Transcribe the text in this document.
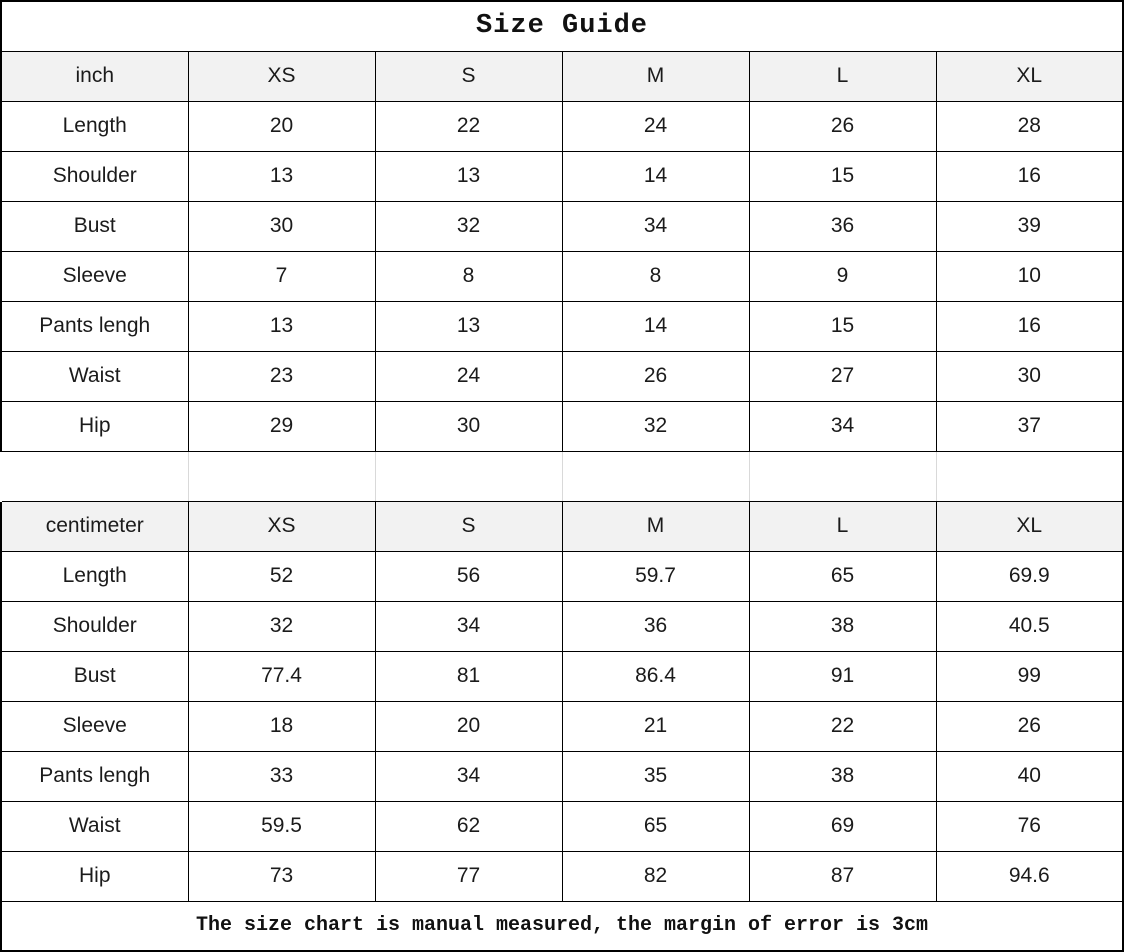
Size Guide					
inch	XS	S	M	L	XL
Length	20	22	24	26	28
Shoulder	13	13	14	15	16
Bust	30	32	34	36	39
Sleeve	7	8	8	9	10
Pants lengh	13	13	14	15	16
Waist	23	24	26	27	30
Hip	29	30	32	34	37

centimeter	XS	S	M	L	XL
Length	52	56	59.7	65	69.9
Shoulder	32	34	36	38	40.5
Bust	77.4	81	86.4	91	99
Sleeve	18	20	21	22	26
Pants lengh	33	34	35	38	40
Waist	59.5	62	65	69	76
Hip	73	77	82	87	94.6
The size chart is manual measured, the margin of error is 3cm					
